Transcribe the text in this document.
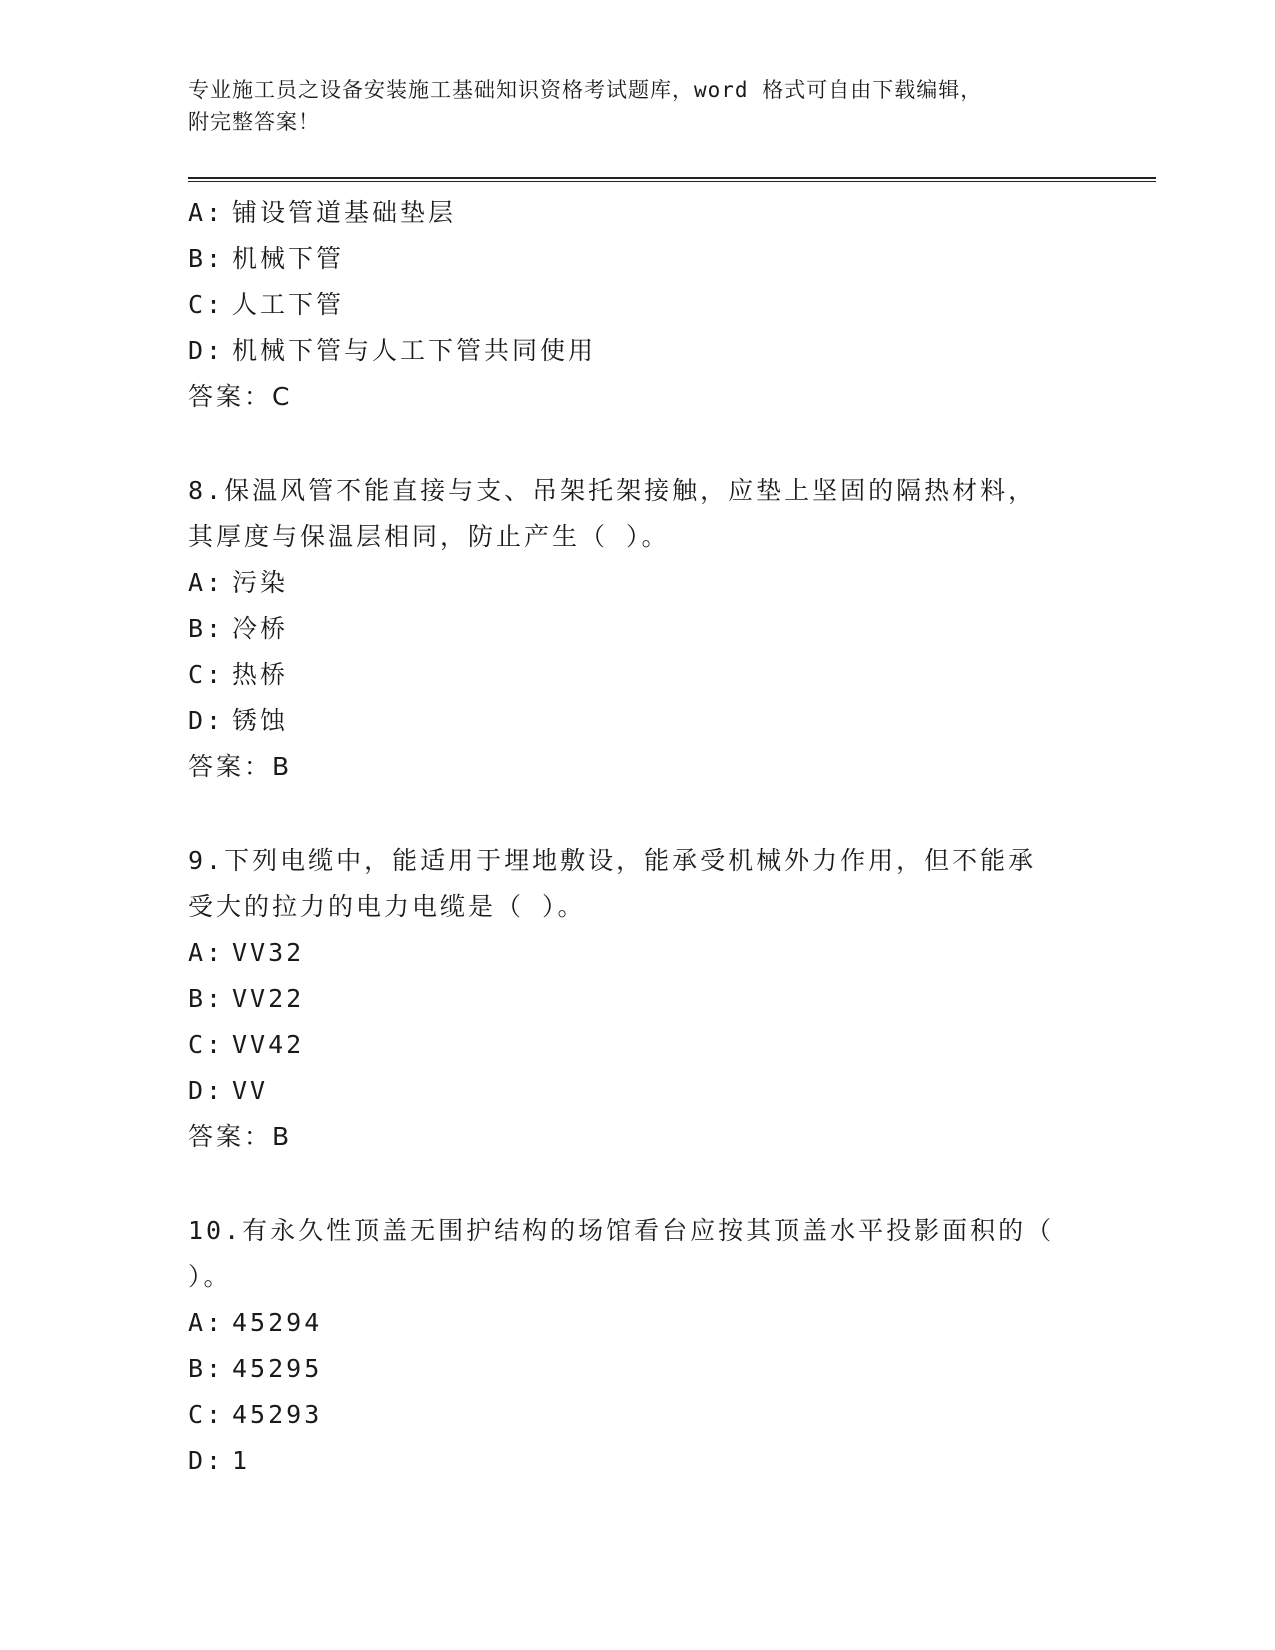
专业施工员之设备安装施工基础知识资格考试题库，word 格式可自由下载编辑，
附完整答案！
A: 铺设管道基础垫层
B: 机械下管
C: 人工下管
D: 机械下管与人工下管共同使用
答案：C
8.保温风管不能直接与支、吊架托架接触，应垫上坚固的隔热材料，
其厚度与保温层相同，防止产生（ ）。
A: 污染
B: 冷桥
C: 热桥
D: 锈蚀
答案：B
9.下列电缆中，能适用于埋地敷设，能承受机械外力作用，但不能承
受大的拉力的电力电缆是（ ）。
A: VV32
B: VV22
C: VV42
D: VV
答案：B
10.有永久性顶盖无围护结构的场馆看台应按其顶盖水平投影面积的（
）。
A: 45294
B: 45295
C: 45293
D: 1
